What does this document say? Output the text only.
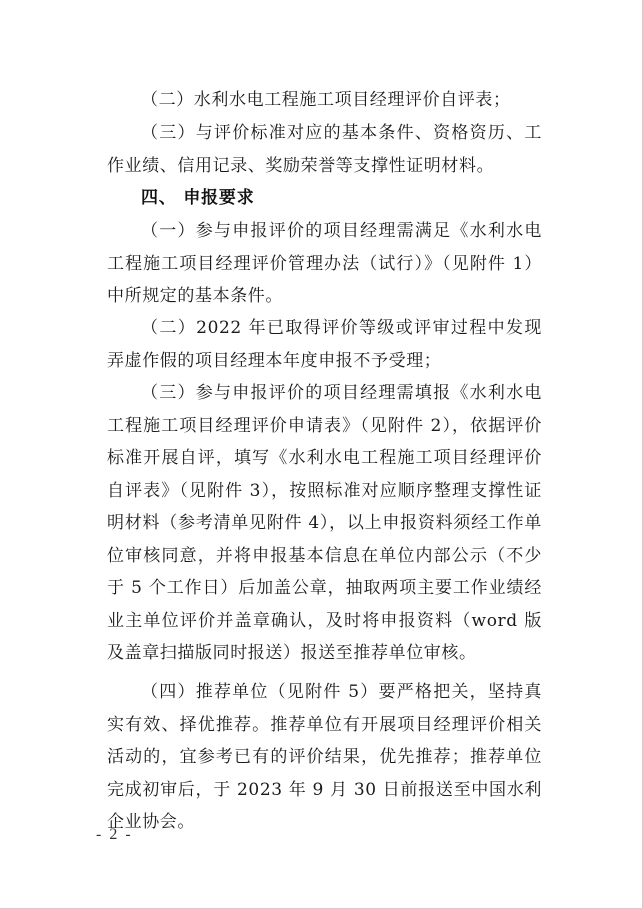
（二）水利水电工程施工项目经理评价自评表；

（三）与评价标准对应的基本条件、资格资历、工作业绩、信用记录、奖励荣誉等支撑性证明材料。

四、 申报要求

（一）参与申报评价的项目经理需满足《水利水电工程施工项目经理评价管理办法（试行）》（见附件 1）中所规定的基本条件。

（二）2022 年已取得评价等级或评审过程中发现弄虚作假的项目经理本年度申报不予受理；

（三）参与申报评价的项目经理需填报《水利水电工程施工项目经理评价申请表》（见附件 2），依据评价标准开展自评，填写《水利水电工程施工项目经理评价自评表》（见附件 3），按照标准对应顺序整理支撑性证明材料（参考清单见附件 4），以上申报资料须经工作单位审核同意，并将申报基本信息在单位内部公示（不少于 5 个工作日）后加盖公章，抽取两项主要工作业绩经业主单位评价并盖章确认，及时将申报资料（word 版及盖章扫描版同时报送）报送至推荐单位审核。

（四）推荐单位（见附件 5）要严格把关，坚持真实有效、择优推荐。推荐单位有开展项目经理评价相关活动的，宜参考已有的评价结果，优先推荐；推荐单位完成初审后，于 2023 年 9 月 30 日前报送至中国水利企业协会。

- 2 -
